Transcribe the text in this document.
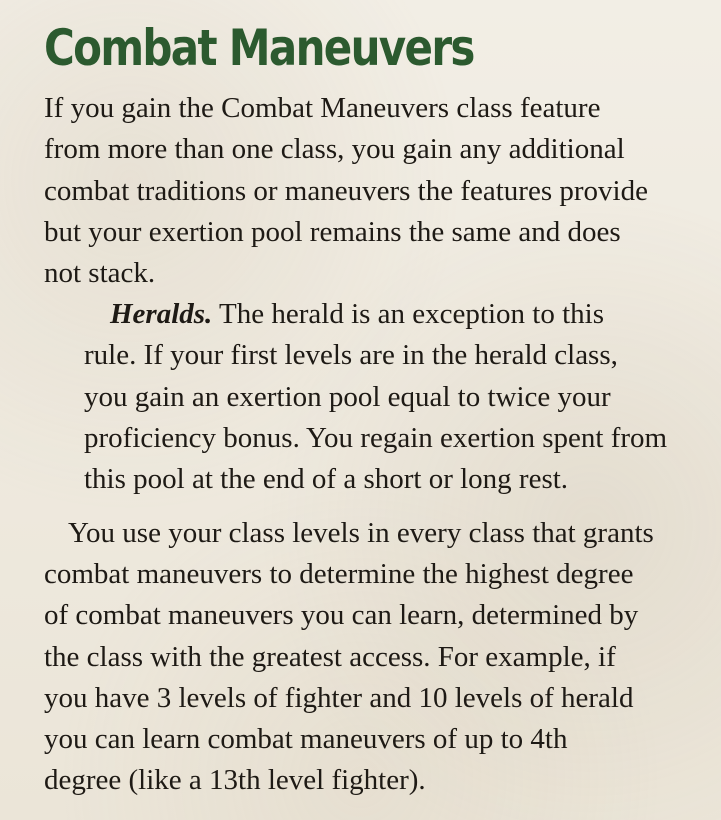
Combat Maneuvers

If you gain the Combat Maneuvers class feature
from more than one class, you gain any additional
combat traditions or maneuvers the features provide
but your exertion pool remains the same and does
not stack.

Heralds. The herald is an exception to this
rule. If your first levels are in the herald class,
you gain an exertion pool equal to twice your
proficiency bonus. You regain exertion spent from
this pool at the end of a short or long rest.

You use your class levels in every class that grants
combat maneuvers to determine the highest degree
of combat maneuvers you can learn, determined by
the class with the greatest access. For example, if
you have 3 levels of fighter and 10 levels of herald
you can learn combat maneuvers of up to 4th
degree (like a 13th level fighter).
